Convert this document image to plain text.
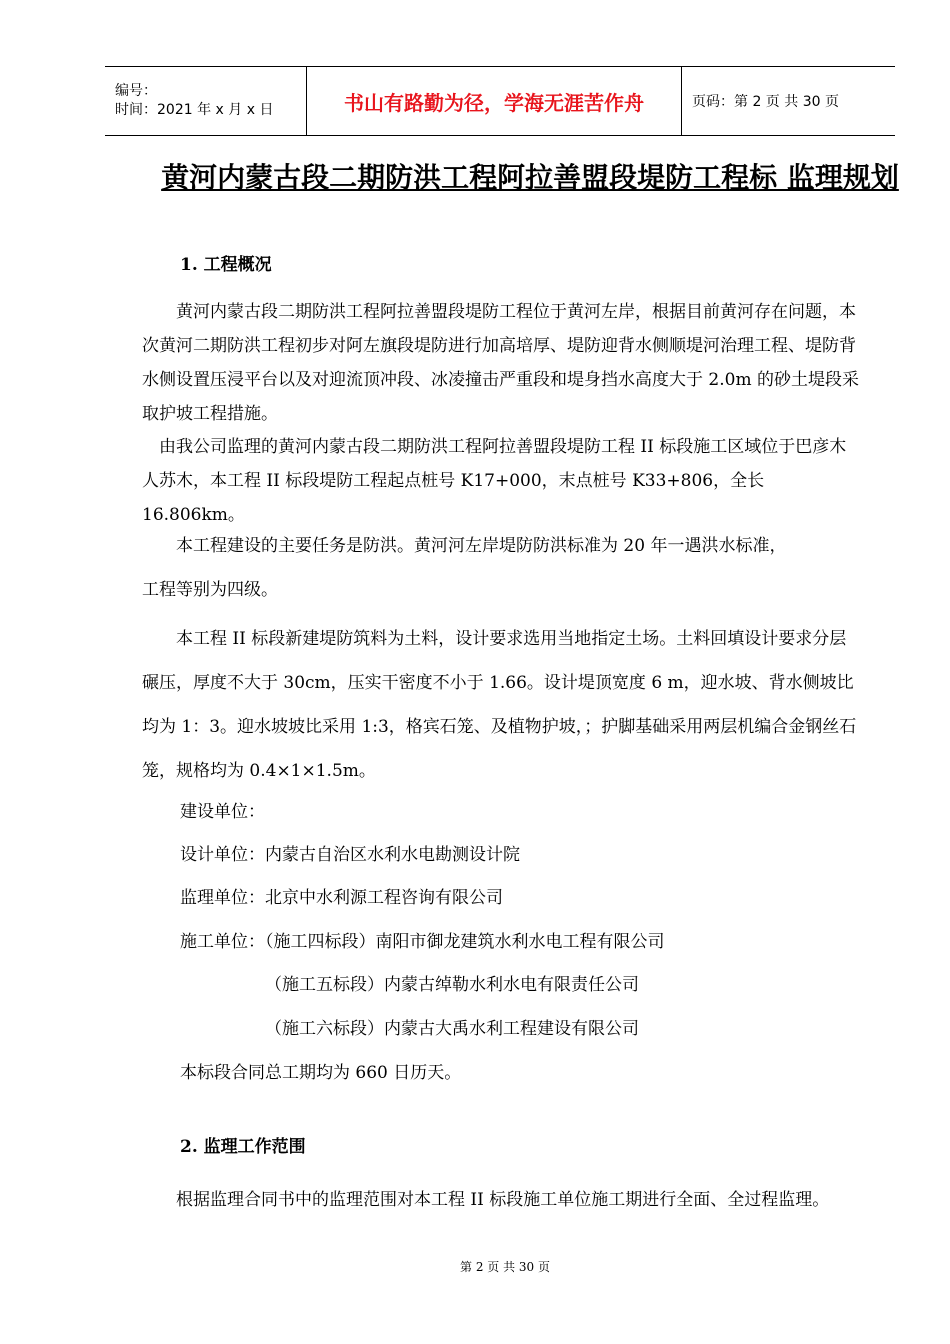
编号：
时间：2021 年 x 月 x 日	书山有路勤为径，学海无涯苦作舟	页码：第 2 页 共 30 页
黄河内蒙古段二期防洪工程阿拉善盟段堤防工程标 监理规划
1. 工程概况

黄河内蒙古段二期防洪工程阿拉善盟段堤防工程位于黄河左岸，根据目前黄河存在问题，本次黄河二期防洪工程初步对阿左旗段堤防进行加高培厚、堤防迎背水侧顺堤河治理工程、堤防背水侧设置压浸平台以及对迎流顶冲段、冰凌撞击严重段和堤身挡水高度大于 2.0m 的砂土堤段采取护坡工程措施。

由我公司监理的黄河内蒙古段二期防洪工程阿拉善盟段堤防工程 II 标段施工区域位于巴彦木人苏木，本工程 II 标段堤防工程起点桩号 K17+000，末点桩号 K33+806，全长 16.806km。

本工程建设的主要任务是防洪。黄河河左岸堤防防洪标准为 20 年一遇洪水标准，

工程等别为四级。

本工程 II 标段新建堤防筑料为土料，设计要求选用当地指定土场。土料回填设计要求分层碾压，厚度不大于 30cm，压实干密度不小于 1.66。设计堤顶宽度 6 m，迎水坡、背水侧坡比均为 1：3。迎水坡坡比采用 1:3，格宾石笼、及植物护坡，；护脚基础采用两层机编合金钢丝石笼，规格均为 0.4×1×1.5m。

建设单位：

设计单位：内蒙古自治区水利水电勘测设计院

监理单位：北京中水利源工程咨询有限公司

施工单位：（施工四标段）南阳市御龙建筑水利水电工程有限公司

（施工五标段）内蒙古绰勒水利水电有限责任公司

（施工六标段）内蒙古大禹水利工程建设有限公司

本标段合同总工期均为 660 日历天。

2. 监理工作范围

根据监理合同书中的监理范围对本工程 II 标段施工单位施工期进行全面、全过程监理。

第 2 页 共 30 页
